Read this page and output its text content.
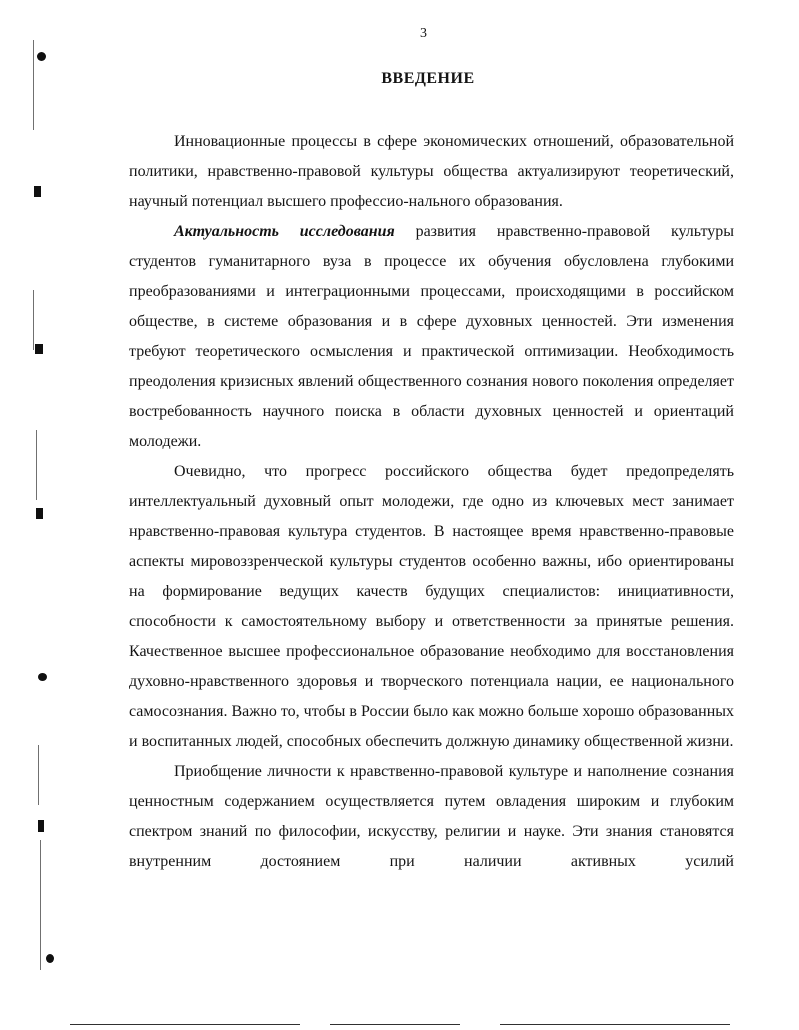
3
ВВЕДЕНИЕ

Инновационные процессы в сфере экономических отношений, образовательной политики, нравственно-правовой культуры общества актуализируют теоретический, научный потенциал высшего профессио-нального образования.

Актуальность исследования развития нравственно-правовой культуры студентов гуманитарного вуза в процессе их обучения обусловлена глубокими преобразованиями и интеграционными процессами, происходящими в российском обществе, в системе образования и в сфере духовных ценностей. Эти изменения требуют теоретического осмысления и практической оптимизации. Необходимость преодоления кризисных явлений общественного сознания нового поколения определяет востребованность научного поиска в области духовных ценностей и ориентаций молодежи.

Очевидно, что прогресс российского общества будет предопределять интеллектуальный духовный опыт молодежи, где одно из ключевых мест занимает нравственно-правовая культура студентов. В настоящее время нравственно-правовые аспекты мировоззренческой культуры студентов особенно важны, ибо ориентированы на формирование ведущих качеств будущих специалистов: инициативности, способности к самостоятельному выбору и ответственности за принятые решения. Качественное высшее профессиональное образование необходимо для восстановления духовно-нравственного здоровья и творческого потенциала нации, ее национального самосознания. Важно то, чтобы в России было как можно больше хорошо образованных и воспитанных людей, способных обеспечить должную динамику общественной жизни.

Приобщение личности к нравственно-правовой культуре и наполнение сознания ценностным содержанием осуществляется путем овладения широким и глубоким спектром знаний по философии, искусству, религии и науке. Эти знания становятся внутренним достоянием при наличии активных усилий
